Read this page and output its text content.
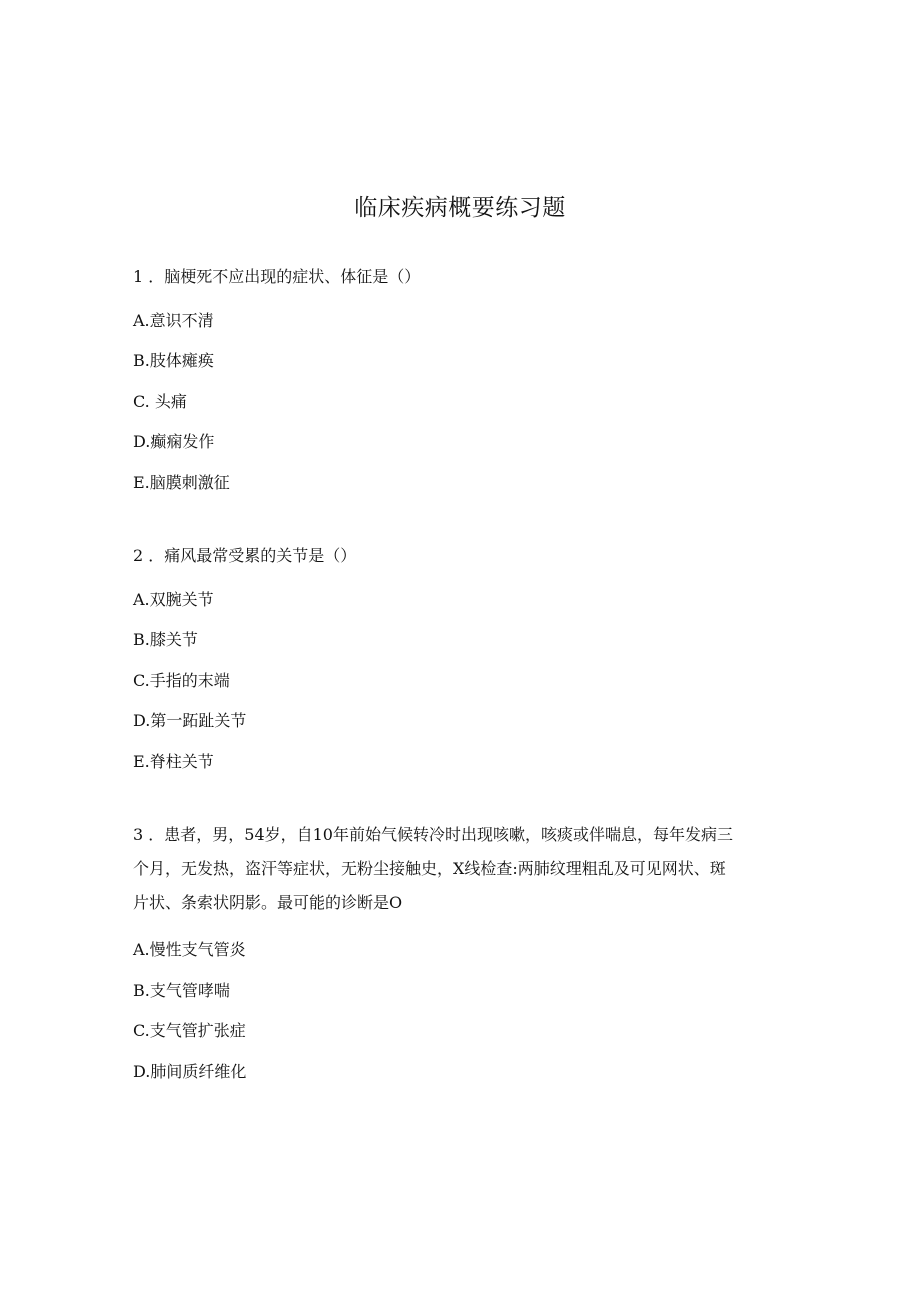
临床疾病概要练习题
1 ．脑梗死不应出现的症状、体征是（）
A.意识不清
B.肢体瘫痪
C. 头痛
D.癫痫发作
E.脑膜刺激征
2 ．痛风最常受累的关节是（）
A.双腕关节
B.膝关节
C.手指的末端
D.第一跖趾关节
E.脊柱关节
3 ．患者，男，54岁，自10年前始气候转冷时出现咳嗽，咳痰或伴喘息，每年发病三
个月，无发热，盗汗等症状，无粉尘接触史，X线检查:两肺纹理粗乱及可见网状、斑
片状、条索状阴影。最可能的诊断是O
A.慢性支气管炎
B.支气管哮喘
C.支气管扩张症
D.肺间质纤维化
